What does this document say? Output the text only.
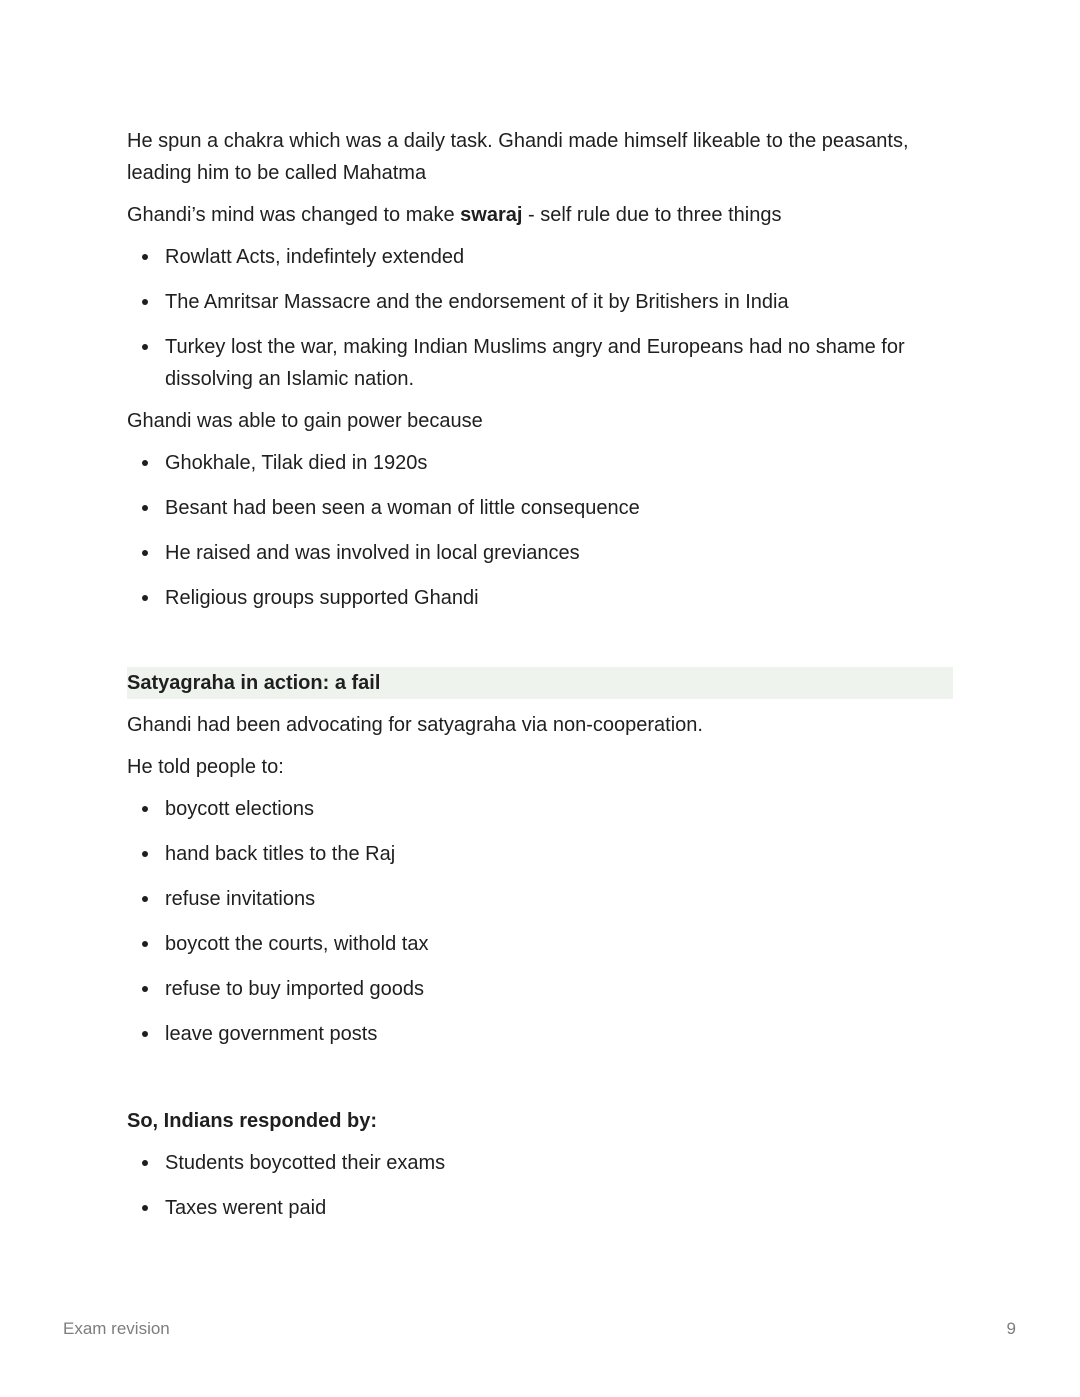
He spun a chakra which was a daily task. Ghandi made himself likeable to the peasants, leading him to be called Mahatma

Ghandi’s mind was changed to make swaraj - self rule due to three things

Rowlatt Acts, indefintely extended
The Amritsar Massacre and the endorsement of it by Britishers in India
Turkey lost the war, making Indian Muslims angry and Europeans had no shame for dissolving an Islamic nation.

Ghandi was able to gain power because

Ghokhale, Tilak died in 1920s
Besant had been seen a woman of little consequence
He raised and was involved in local greviances
Religious groups supported Ghandi
Satyagraha in action: a fail

Ghandi had been advocating for satyagraha via non-cooperation.

He told people to:

boycott elections
hand back titles to the Raj
refuse invitations
boycott the courts, withold tax
refuse to buy imported goods
leave government posts

So, Indians responded by:

Students boycotted their exams
Taxes werent paid
Exam revision	9
